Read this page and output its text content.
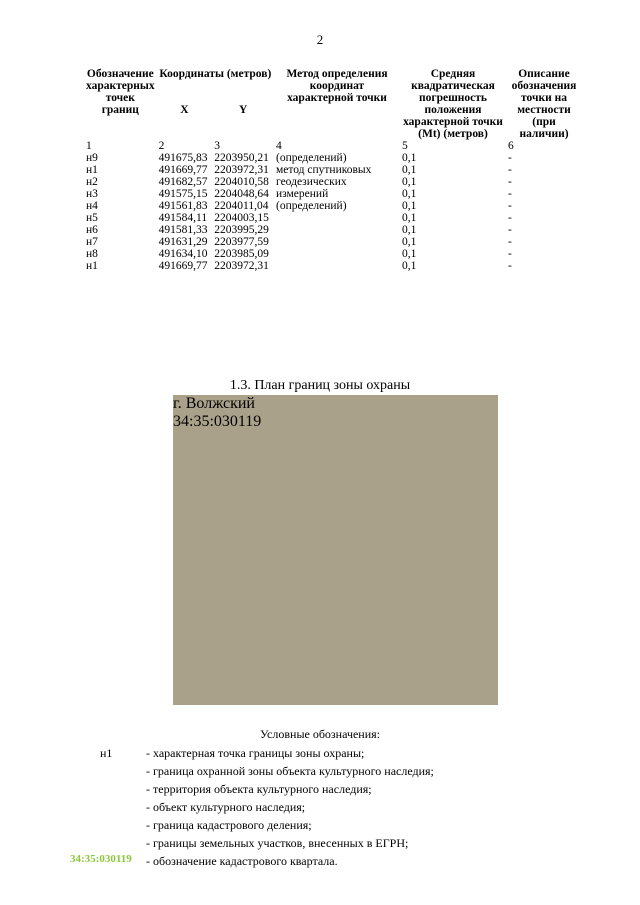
2
Обозначение характерных точек границ	Координаты (метров)		Метод определения координат характерной точки	Средняя квадратическая погрешность положения характерной точки (Mt) (метров)	Описание обозначения точки на местности (при наличии)
	X	Y			
1	2	3	4	5	6
н9	491675,83	2203950,21	(определений)	0,1	-
н1	491669,77	2203972,31	метод спутниковых геодезических измерений (определений)	0,1	-
н2	491682,57	2204010,58		0,1	-
н3	491575,15	2204048,64		0,1	-
н4	491561,83	2204011,04		0,1	-
н5	491584,11	2204003,15		0,1	-
н6	491581,33	2203995,29		0,1	-
н7	491631,29	2203977,59		0,1	-
н8	491634,10	2203985,09		0,1	-
н1	491669,77	2203972,31		0,1	-
1.3. План границ зоны охраны
г. Волжский
34:35:030119
Условные обозначения:
- характерная точка границы зоны охраны;
- граница охранной зоны объекта культурного наследия;
- территория объекта культурного наследия;
- объект культурного наследия;
- граница кадастрового деления;
- границы земельных участков, внесенных в ЕГРН;
- обозначение кадастрового квартала.
н1
34:35:030119
